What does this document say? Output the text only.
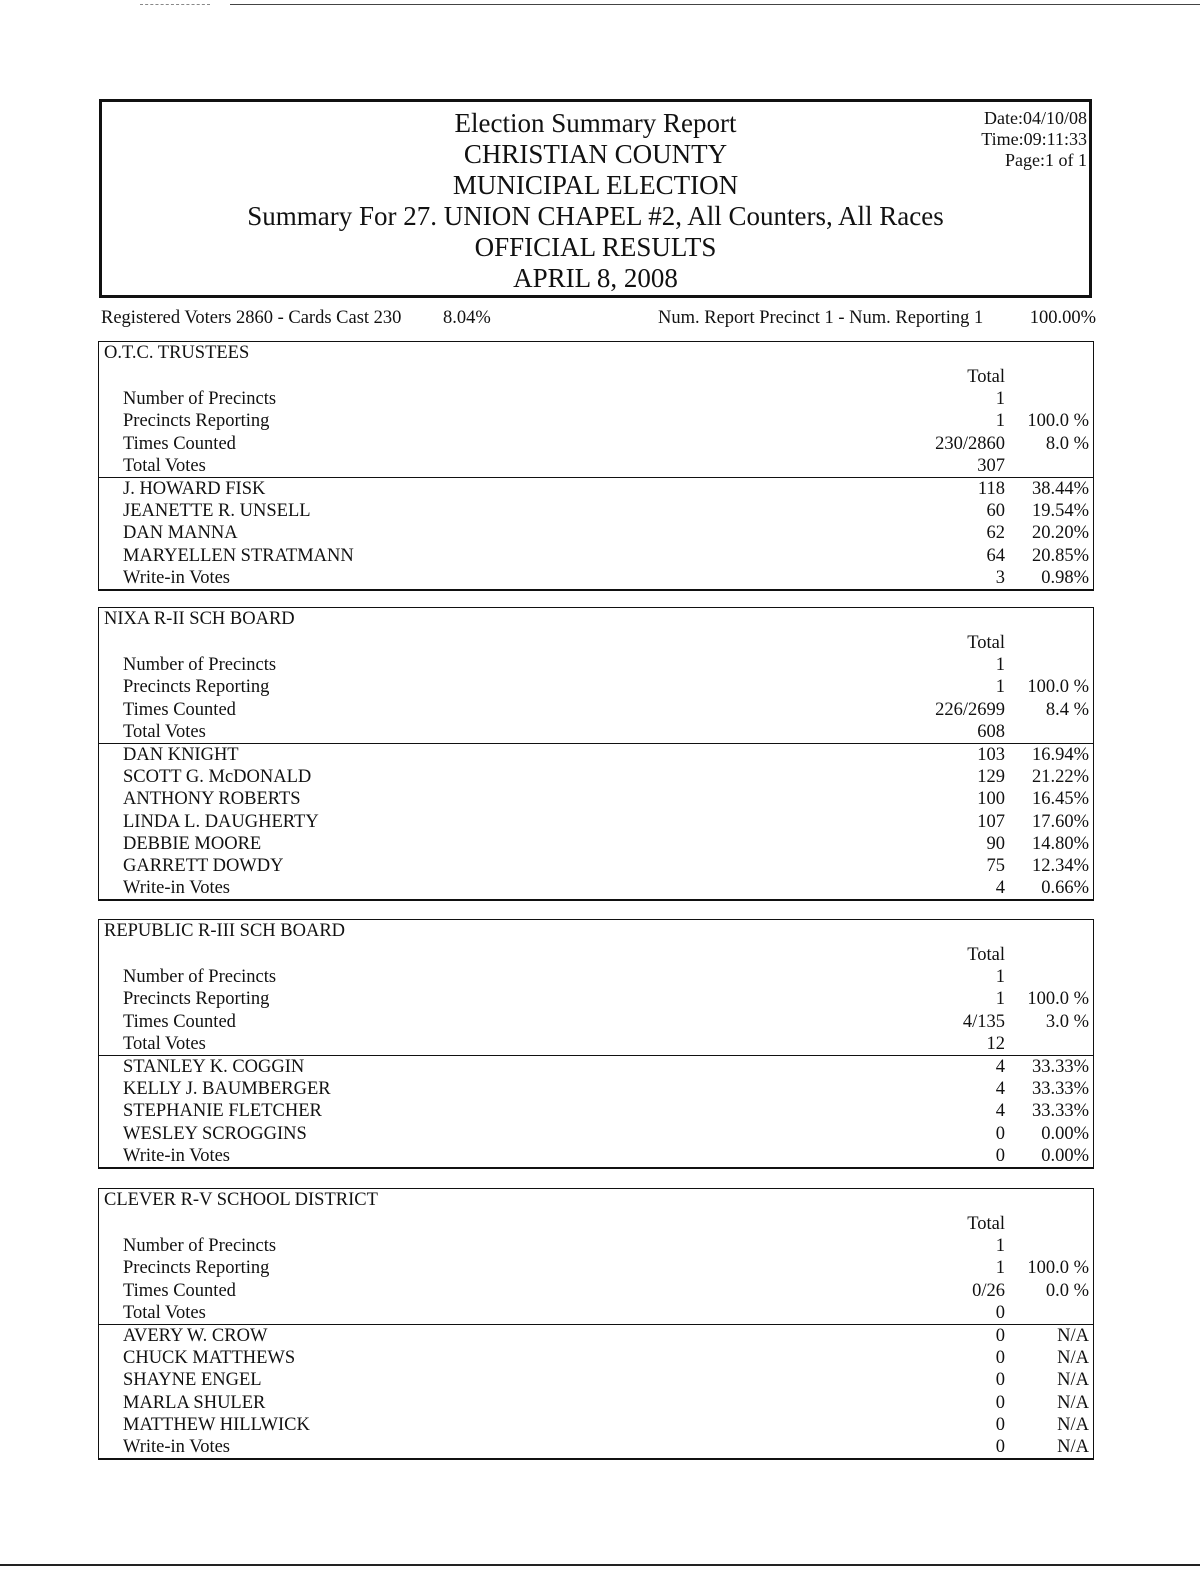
Election Summary Report
CHRISTIAN COUNTY
MUNICIPAL ELECTION
Summary For 27. UNION CHAPEL #2, All Counters, All Races
OFFICIAL RESULTS
APRIL 8, 2008
Date:04/10/08
Time:09:11:33
Page:1 of 1
Registered Voters 2860 - Cards Cast 230 8.04%	Num. Report Precinct 1 - Num. Reporting 1	100.00%
O.T.C. TRUSTEES
Total
Number of Precincts	1
Precincts Reporting	1 100.0 %
Times Counted	230/2860 8.0 %
Total Votes	307
J. HOWARD FISK	118 38.44%
JEANETTE R. UNSELL	60 19.54%
DAN MANNA	62 20.20%
MARYELLEN STRATMANN	64 20.85%
Write-in Votes	3 0.98%
NIXA R-II SCH BOARD
Total
Number of Precincts	1
Precincts Reporting	1 100.0 %
Times Counted	226/2699 8.4 %
Total Votes	608
DAN KNIGHT	103 16.94%
SCOTT G. McDONALD	129 21.22%
ANTHONY ROBERTS	100 16.45%
LINDA L. DAUGHERTY	107 17.60%
DEBBIE MOORE	90 14.80%
GARRETT DOWDY	75 12.34%
Write-in Votes	4 0.66%
REPUBLIC R-III SCH BOARD
Total
Number of Precincts	1
Precincts Reporting	1 100.0 %
Times Counted	4/135 3.0 %
Total Votes	12
STANLEY K. COGGIN	4 33.33%
KELLY J. BAUMBERGER	4 33.33%
STEPHANIE FLETCHER	4 33.33%
WESLEY SCROGGINS	0 0.00%
Write-in Votes	0 0.00%
CLEVER R-V SCHOOL DISTRICT
Total
Number of Precincts	1
Precincts Reporting	1 100.0 %
Times Counted	0/26 0.0 %
Total Votes	0
AVERY W. CROW	0	N/A
CHUCK MATTHEWS	0	N/A
SHAYNE ENGEL	0	N/A
MARLA SHULER	0	N/A
MATTHEW HILLWICK	0	N/A
Write-in Votes	0	N/A
